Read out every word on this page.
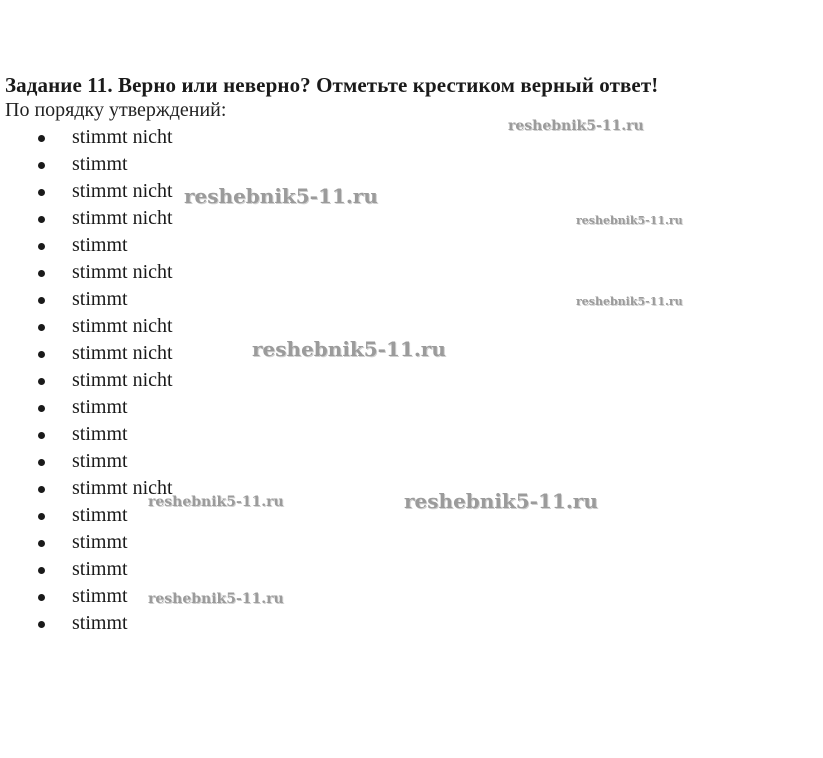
Задание 11. Верно или неверно? Отметьте крестиком верный ответ!
По порядку утверждений:
stimmt nicht
stimmt
stimmt nicht
stimmt nicht
stimmt
stimmt nicht
stimmt
stimmt nicht
stimmt nicht
stimmt nicht
stimmt
stimmt
stimmt
stimmt nicht
stimmt
stimmt
stimmt
stimmt
stimmt
reshebnik5-11.ru
reshebnik5-11.ru
reshebnik5-11.ru
reshebnik5-11.ru
reshebnik5-11.ru
reshebnik5-11.ru
reshebnik5-11.ru
reshebnik5-11.ru
